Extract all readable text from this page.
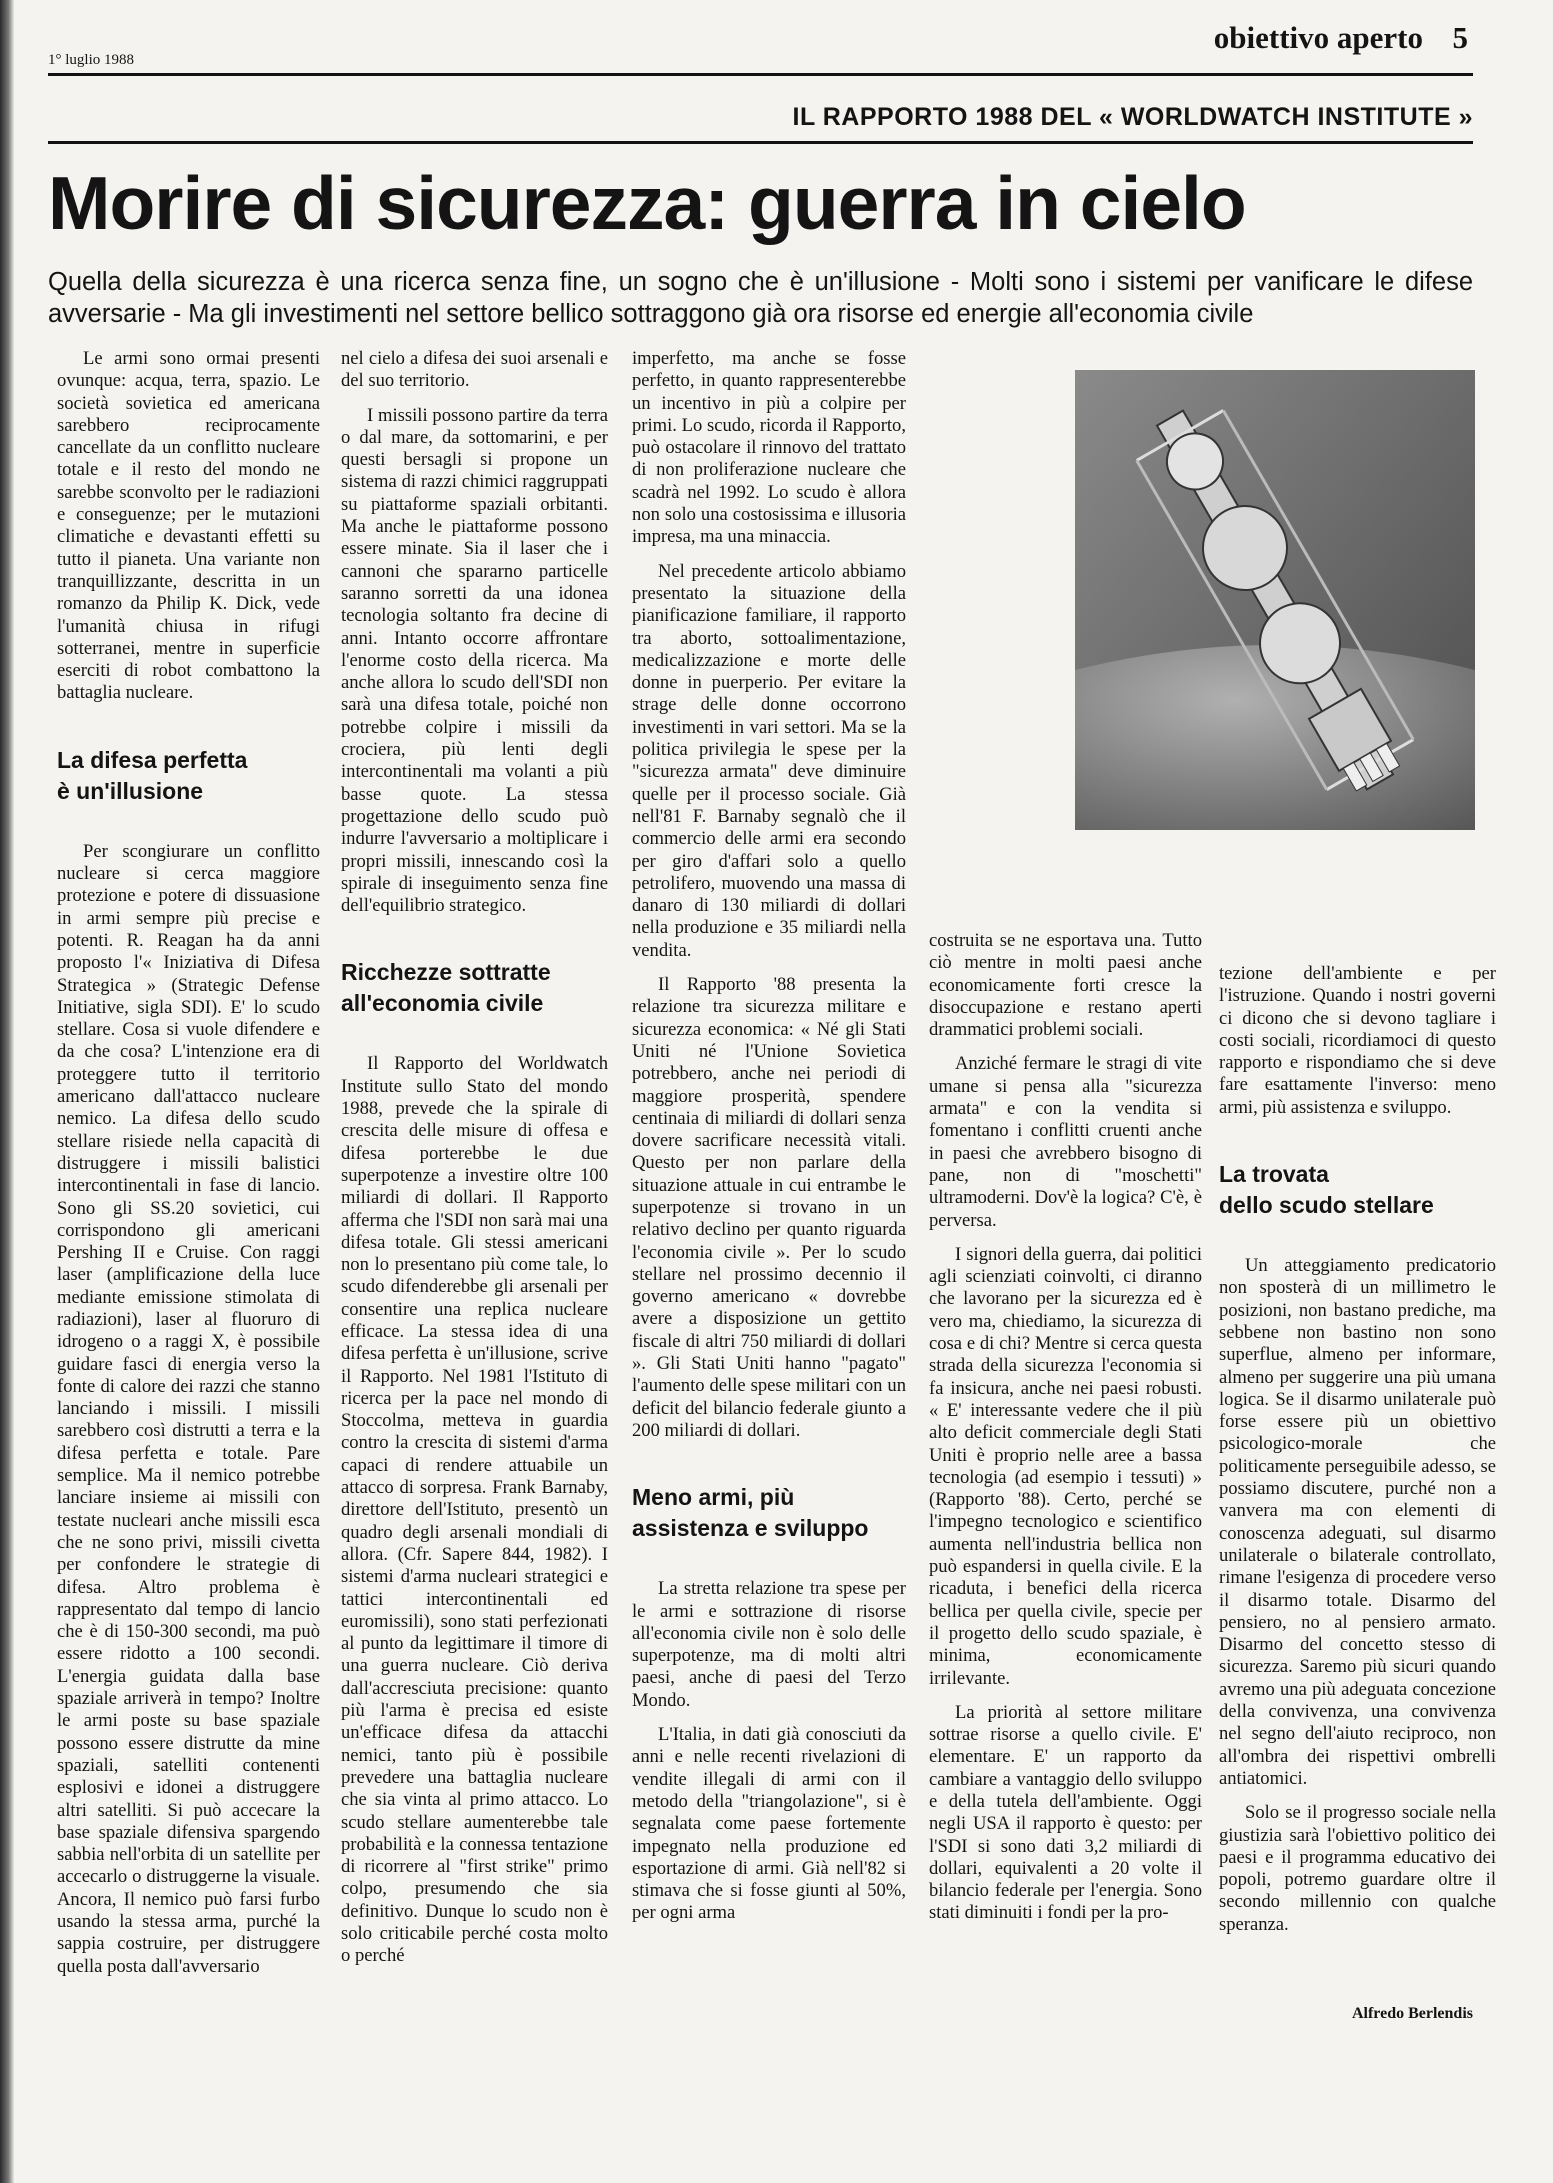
1° luglio 1988
obiettivo aperto 5
IL RAPPORTO 1988 DEL « WORLDWATCH INSTITUTE »
Morire di sicurezza: guerra in cielo
Quella della sicurezza è una ricerca senza fine, un sogno che è un'illusione - Molti sono i sistemi per vanificare le difese avversarie - Ma gli investimenti nel settore bellico sottraggono già ora risorse ed energie all'economia civile

Le armi sono ormai presenti ovunque: acqua, terra, spazio. Le società sovietica ed americana sarebbero reciprocamente cancellate da un conflitto nucleare totale e il resto del mondo ne sarebbe sconvolto per le radiazioni e conseguenze; per le mutazioni climatiche e devastanti effetti su tutto il pianeta. Una variante non tranquillizzante, descritta in un romanzo da Philip K. Dick, vede l'umanità chiusa in rifugi sotterranei, mentre in superficie eserciti di robot combattono la battaglia nucleare.

La difesa perfetta
è un'illusione

Per scongiurare un conflitto nucleare si cerca maggiore protezione e potere di dissuasione in armi sempre più precise e potenti. R. Reagan ha da anni proposto l'« Iniziativa di Difesa Strategica » (Strategic Defense Initiative, sigla SDI). E' lo scudo stellare. Cosa si vuole difendere e da che cosa? L'intenzione era di proteggere tutto il territorio americano dall'attacco nucleare nemico. La difesa dello scudo stellare risiede nella capacità di distruggere i missili balistici intercontinentali in fase di lancio. Sono gli SS.20 sovietici, cui corrispondono gli americani Pershing II e Cruise. Con raggi laser (amplificazione della luce mediante emissione stimolata di radiazioni), laser al fluoruro di idrogeno o a raggi X, è possibile guidare fasci di energia verso la fonte di calore dei razzi che stanno lanciando i missili. I missili sarebbero così distrutti a terra e la difesa perfetta e totale. Pare semplice. Ma il nemico potrebbe lanciare insieme ai missili con testate nucleari anche missili esca che ne sono privi, missili civetta per confondere le strategie di difesa. Altro problema è rappresentato dal tempo di lancio che è di 150-300 secondi, ma può essere ridotto a 100 secondi. L'energia guidata dalla base spaziale arriverà in tempo? Inoltre le armi poste su base spaziale possono essere distrutte da mine spaziali, satelliti contenenti esplosivi e idonei a distruggere altri satelliti. Si può accecare la base spaziale difensiva spargendo sabbia nell'orbita di un satellite per accecarlo o distruggerne la visuale. Ancora, Il nemico può farsi furbo usando la stessa arma, purché la sappia costruire, per distruggere quella posta dall'avversario

nel cielo a difesa dei suoi arsenali e del suo territorio.

I missili possono partire da terra o dal mare, da sottomarini, e per questi bersagli si propone un sistema di razzi chimici raggruppati su piattaforme spaziali orbitanti. Ma anche le piattaforme possono essere minate. Sia il laser che i cannoni che spararno particelle saranno sorretti da una idonea tecnologia soltanto fra decine di anni. Intanto occorre affrontare l'enorme costo della ricerca. Ma anche allora lo scudo dell'SDI non sarà una difesa totale, poiché non potrebbe colpire i missili da crociera, più lenti degli intercontinentali ma volanti a più basse quote. La stessa progettazione dello scudo può indurre l'avversario a moltiplicare i propri missili, innescando così la spirale di inseguimento senza fine dell'equilibrio strategico.

Ricchezze sottratte
all'economia civile

Il Rapporto del Worldwatch Institute sullo Stato del mondo 1988, prevede che la spirale di crescita delle misure di offesa e difesa porterebbe le due superpotenze a investire oltre 100 miliardi di dollari. Il Rapporto afferma che l'SDI non sarà mai una difesa totale. Gli stessi americani non lo presentano più come tale, lo scudo difenderebbe gli arsenali per consentire una replica nucleare efficace. La stessa idea di una difesa perfetta è un'illusione, scrive il Rapporto. Nel 1981 l'Istituto di ricerca per la pace nel mondo di Stoccolma, metteva in guardia contro la crescita di sistemi d'arma capaci di rendere attuabile un attacco di sorpresa. Frank Barnaby, direttore dell'Istituto, presentò un quadro degli arsenali mondiali di allora. (Cfr. Sapere 844, 1982). I sistemi d'arma nucleari strategici e tattici intercontinentali ed euromissili), sono stati perfezionati al punto da legittimare il timore di una guerra nucleare. Ciò deriva dall'accresciuta precisione: quanto più l'arma è precisa ed esiste un'efficace difesa da attacchi nemici, tanto più è possibile prevedere una battaglia nucleare che sia vinta al primo attacco. Lo scudo stellare aumenterebbe tale probabilità e la connessa tentazione di ricorrere al "first strike" primo colpo, presumendo che sia definitivo. Dunque lo scudo non è solo criticabile perché costa molto o perché

imperfetto, ma anche se fosse perfetto, in quanto rappresenterebbe un incentivo in più a colpire per primi. Lo scudo, ricorda il Rapporto, può ostacolare il rinnovo del trattato di non proliferazione nucleare che scadrà nel 1992. Lo scudo è allora non solo una costosissima e illusoria impresa, ma una minaccia.

Nel precedente articolo abbiamo presentato la situazione della pianificazione familiare, il rapporto tra aborto, sottoalimentazione, medicalizzazione e morte delle donne in puerperio. Per evitare la strage delle donne occorrono investimenti in vari settori. Ma se la politica privilegia le spese per la "sicurezza armata" deve diminuire quelle per il processo sociale. Già nell'81 F. Barnaby segnalò che il commercio delle armi era secondo per giro d'affari solo a quello petrolifero, muovendo una massa di danaro di 130 miliardi di dollari nella produzione e 35 miliardi nella vendita.

Il Rapporto '88 presenta la relazione tra sicurezza militare e sicurezza economica: « Né gli Stati Uniti né l'Unione Sovietica potrebbero, anche nei periodi di maggiore prosperità, spendere centinaia di miliardi di dollari senza dovere sacrificare necessità vitali. Questo per non parlare della situazione attuale in cui entrambe le superpotenze si trovano in un relativo declino per quanto riguarda l'economia civile ». Per lo scudo stellare nel prossimo decennio il governo americano « dovrebbe avere a disposizione un gettito fiscale di altri 750 miliardi di dollari ». Gli Stati Uniti hanno "pagato" l'aumento delle spese militari con un deficit del bilancio federale giunto a 200 miliardi di dollari.

Meno armi, più
assistenza e sviluppo

La stretta relazione tra spese per le armi e sottrazione di risorse all'economia civile non è solo delle superpotenze, ma di molti altri paesi, anche di paesi del Terzo Mondo.

L'Italia, in dati già conosciuti da anni e nelle recenti rivelazioni di vendite illegali di armi con il metodo della "triangolazione", si è segnalata come paese fortemente impegnato nella produzione ed esportazione di armi. Già nell'82 si stimava che si fosse giunti al 50%, per ogni arma

costruita se ne esportava una. Tutto ciò mentre in molti paesi anche economicamente forti cresce la disoccupazione e restano aperti drammatici problemi sociali.

Anziché fermare le stragi di vite umane si pensa alla "sicurezza armata" e con la vendita si fomentano i conflitti cruenti anche in paesi che avrebbero bisogno di pane, non di "moschetti" ultramoderni. Dov'è la logica? C'è, è perversa.

I signori della guerra, dai politici agli scienziati coinvolti, ci diranno che lavorano per la sicurezza ed è vero ma, chiediamo, la sicurezza di cosa e di chi? Mentre si cerca questa strada della sicurezza l'economia si fa insicura, anche nei paesi robusti. « E' interessante vedere che il più alto deficit commerciale degli Stati Uniti è proprio nelle aree a bassa tecnologia (ad esempio i tessuti) » (Rapporto '88). Certo, perché se l'impegno tecnologico e scientifico aumenta nell'industria bellica non può espandersi in quella civile. E la ricaduta, i benefici della ricerca bellica per quella civile, specie per il progetto dello scudo spaziale, è minima, economicamente irrilevante.

La priorità al settore militare sottrae risorse a quello civile. E' elementare. E' un rapporto da cambiare a vantaggio dello sviluppo e della tutela dell'ambiente. Oggi negli USA il rapporto è questo: per l'SDI si sono dati 3,2 miliardi di dollari, equivalenti a 20 volte il bilancio federale per l'energia. Sono stati diminuiti i fondi per la pro-

tezione dell'ambiente e per l'istruzione. Quando i nostri governi ci dicono che si devono tagliare i costi sociali, ricordiamoci di questo rapporto e rispondiamo che si deve fare esattamente l'inverso: meno armi, più assistenza e sviluppo.

La trovata
dello scudo stellare

Un atteggiamento predicatorio non sposterà di un millimetro le posizioni, non bastano prediche, ma sebbene non bastino non sono superflue, almeno per informare, almeno per suggerire una più umana logica. Se il disarmo unilaterale può forse essere più un obiettivo psicologico-morale che politicamente perseguibile adesso, se possiamo discutere, purché non a vanvera ma con elementi di conoscenza adeguati, sul disarmo unilaterale o bilaterale controllato, rimane l'esigenza di procedere verso il disarmo totale. Disarmo del pensiero, no al pensiero armato. Disarmo del concetto stesso di sicurezza. Saremo più sicuri quando avremo una più adeguata concezione della convivenza, una convivenza nel segno dell'aiuto reciproco, non all'ombra dei rispettivi ombrelli antiatomici.

Solo se il progresso sociale nella giustizia sarà l'obiettivo politico dei paesi e il programma educativo dei popoli, potremo guardare oltre il secondo millennio con qualche speranza.

Alfredo Berlendis
